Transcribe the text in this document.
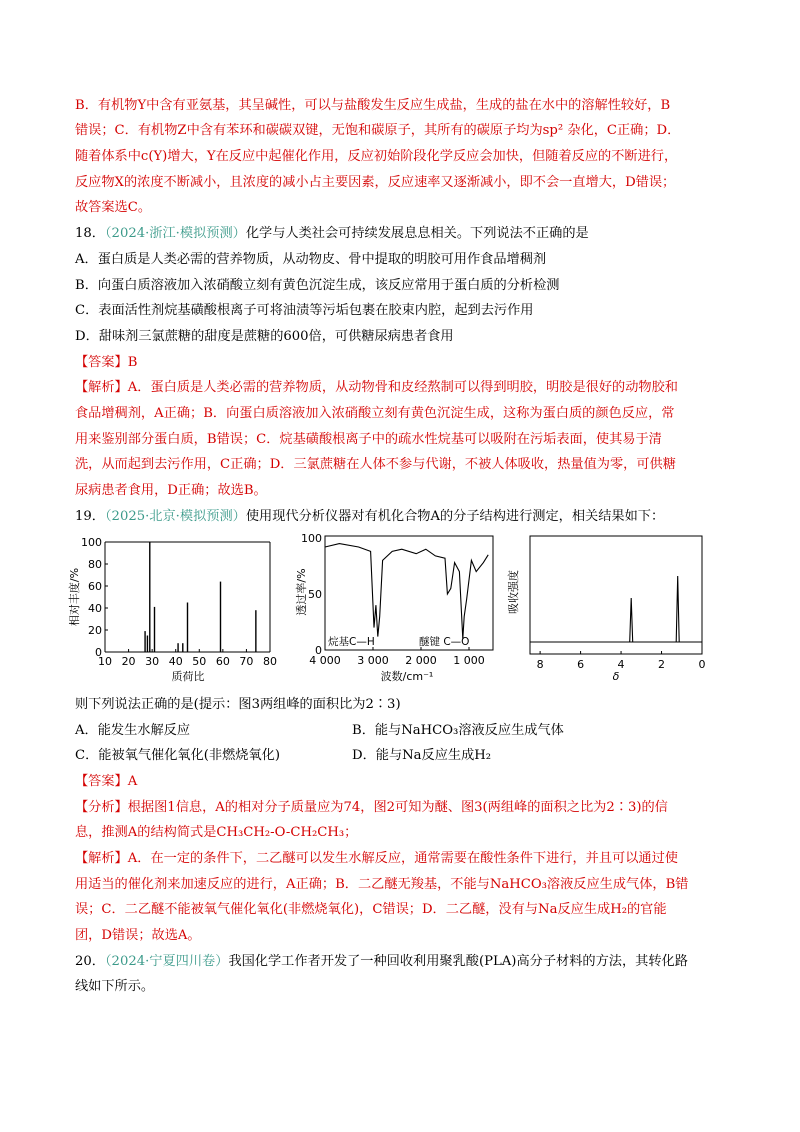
B．有机物Y中含有亚氨基，其呈碱性，可以与盐酸发生反应生成盐，生成的盐在水中的溶解性较好，B
错误；C．有机物Z中含有苯环和碳碳双键，无饱和碳原子，其所有的碳原子均为sp² 杂化，C正确；D．
随着体系中c(Y)增大，Y在反应中起催化作用，反应初始阶段化学反应会加快，但随着反应的不断进行，
反应物X的浓度不断减小，且浓度的减小占主要因素，反应速率又逐渐减小，即不会一直增大，D错误；
故答案选C。
18．（2024·浙江·模拟预测）化学与人类社会可持续发展息息相关。下列说法不正确的是
A．蛋白质是人类必需的营养物质，从动物皮、骨中提取的明胶可用作食品增稠剂
B．向蛋白质溶液加入浓硝酸立刻有黄色沉淀生成，该反应常用于蛋白质的分析检测
C．表面活性剂烷基磺酸根离子可将油渍等污垢包裹在胶束内腔，起到去污作用
D．甜味剂三氯蔗糖的甜度是蔗糖的600倍，可供糖尿病患者食用
【答案】B
【解析】A．蛋白质是人类必需的营养物质，从动物骨和皮经熬制可以得到明胶，明胶是很好的动物胶和
食品增稠剂，A正确；B．向蛋白质溶液加入浓硝酸立刻有黄色沉淀生成，这称为蛋白质的颜色反应，常
用来鉴别部分蛋白质，B错误；C．烷基磺酸根离子中的疏水性烷基可以吸附在污垢表面，使其易于清
洗，从而起到去污作用，C正确；D．三氯蔗糖在人体不参与代谢，不被人体吸收，热量值为零，可供糖
尿病患者食用，D正确；故选B。
19．（2025·北京·模拟预测）使用现代分析仪器对有机化合物A的分子结构进行测定，相关结果如下：
0
20
40
60
80
100
10 20 30 40 50 60 70 80
相对丰度/%
质荷比
0
50
100
4 000 3 000 2 000 1 000
烷基C—H	醚键 C—O
透过率/%
波数/cm⁻¹
8	6	4	2	0
吸收强度
δ
则下列说法正确的是(提示：图3两组峰的面积比为2∶3)
A．能发生水解反应	B．能与NaHCO₃溶液反应生成气体
C．能被氧气催化氧化(非燃烧氧化)	D．能与Na反应生成H₂
【答案】A
【分析】根据图1信息，A的相对分子质量应为74，图2可知为醚、图3(两组峰的面积之比为2∶3)的信
息，推测A的结构简式是CH₃CH₂-O-CH₂CH₃；
【解析】A．在一定的条件下，二乙醚可以发生水解反应，通常需要在酸性条件下进行，并且可以通过使
用适当的催化剂来加速反应的进行，A正确；B．二乙醚无羧基，不能与NaHCO₃溶液反应生成气体，B错
误；C．二乙醚不能被氧气催化氧化(非燃烧氧化)，C错误；D．二乙醚，没有与Na反应生成H₂的官能
团，D错误；故选A。
20．（2024·宁夏四川卷）我国化学工作者开发了一种回收利用聚乳酸(PLA)高分子材料的方法，其转化路
线如下所示。
